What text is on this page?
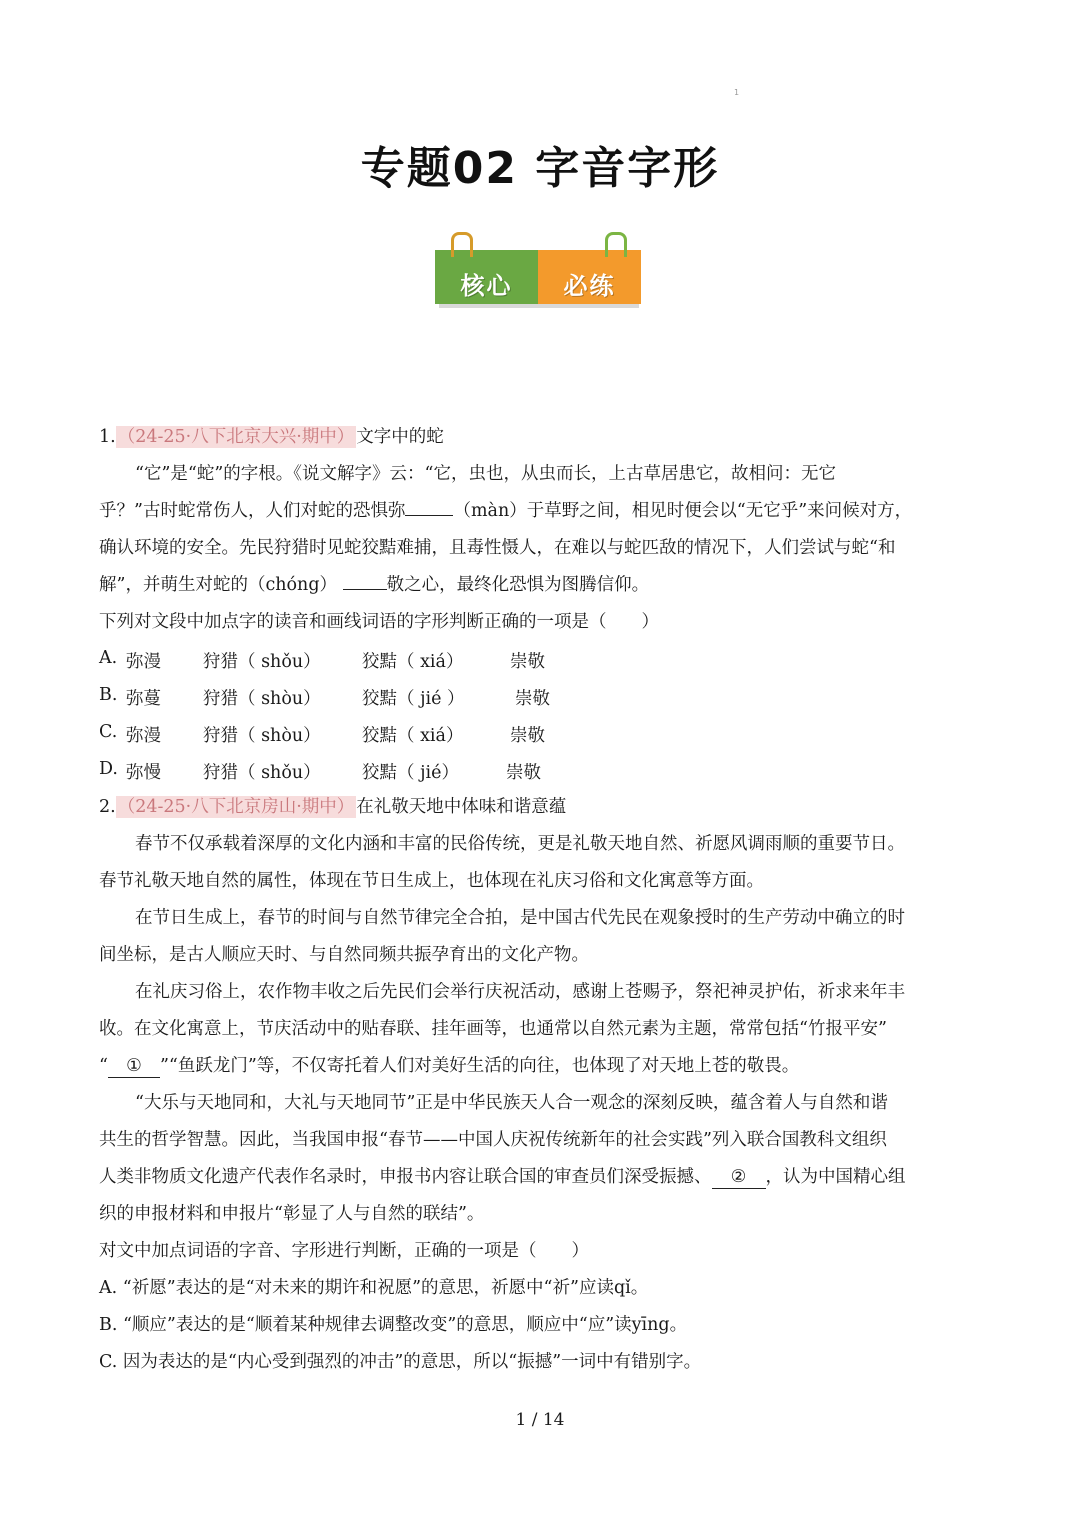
1
专题02 字音字形
核心	必练
1. （24-25·八下北京大兴·期中） 文字中的蛇
“它”是“蛇”的字根。《说文解字》云：“它，虫也，从虫而长，上古草居患它，故相问：无它
乎？”古时蛇常伤人，人们对蛇的恐惧弥	（màn）于草野之间，相见时便会以“无它乎”来问候对方，
确认环境的安全。先民狩猎时见蛇狡黠难捕，且毒性慑人，在难以与蛇匹敌的情况下，人们尝试与蛇“和
解”，并萌生对蛇的（chóng）	敬之心，最终化恐惧为图腾信仰。
下列对文段中加点字的读音和画线词语的字形判断正确的一项是（　　）
A. 弥漫 狩猎（ shǒu） 狡黠（ xiá）	崇敬
B. 弥蔓 狩猎（ shòu） 狡黠（ jié ）	崇敬
C. 弥漫 狩猎（ shòu） 狡黠（ xiá）	崇敬
D. 弥慢 狩猎（ shǒu） 狡黠（ jié）	崇敬
2. （24-25·八下北京房山·期中） 在礼敬天地中体味和谐意蕴
春节不仅承载着深厚的文化内涵和丰富的民俗传统，更是礼敬天地自然、祈愿风调雨顺的重要节日。
春节礼敬天地自然的属性，体现在节日生成上，也体现在礼庆习俗和文化寓意等方面。
在节日生成上，春节的时间与自然节律完全合拍，是中国古代先民在观象授时的生产劳动中确立的时
间坐标，是古人顺应天时、与自然同频共振孕育出的文化产物。
在礼庆习俗上，农作物丰收之后先民们会举行庆祝活动，感谢上苍赐予，祭祀神灵护佑，祈求来年丰
收。在文化寓意上，节庆活动中的贴春联、挂年画等，也通常以自然元素为主题，常常包括“竹报平安”
“ ① ”“鱼跃龙门”等，不仅寄托着人们对美好生活的向往，也体现了对天地上苍的敬畏。
“大乐与天地同和，大礼与天地同节”正是中华民族天人合一观念的深刻反映，蕴含着人与自然和谐
共生的哲学智慧。因此，当我国申报“春节——中国人庆祝传统新年的社会实践”列入联合国教科文组织
人类非物质文化遗产代表作名录时，申报书内容让联合国的审查员们深受振撼、 ② ，认为中国精心组
织的申报材料和申报片“彰显了人与自然的联结”。
对文中加点词语的字音、字形进行判断，正确的一项是（　　）
A. “祈愿”表达的是“对未来的期许和祝愿”的意思，祈愿中“祈”应读qǐ。
B. “顺应”表达的是“顺着某种规律去调整改变”的意思，顺应中“应”读yīng。
C. 因为表达的是“内心受到强烈的冲击”的意思，所以“振撼”一词中有错别字。
1 / 14
